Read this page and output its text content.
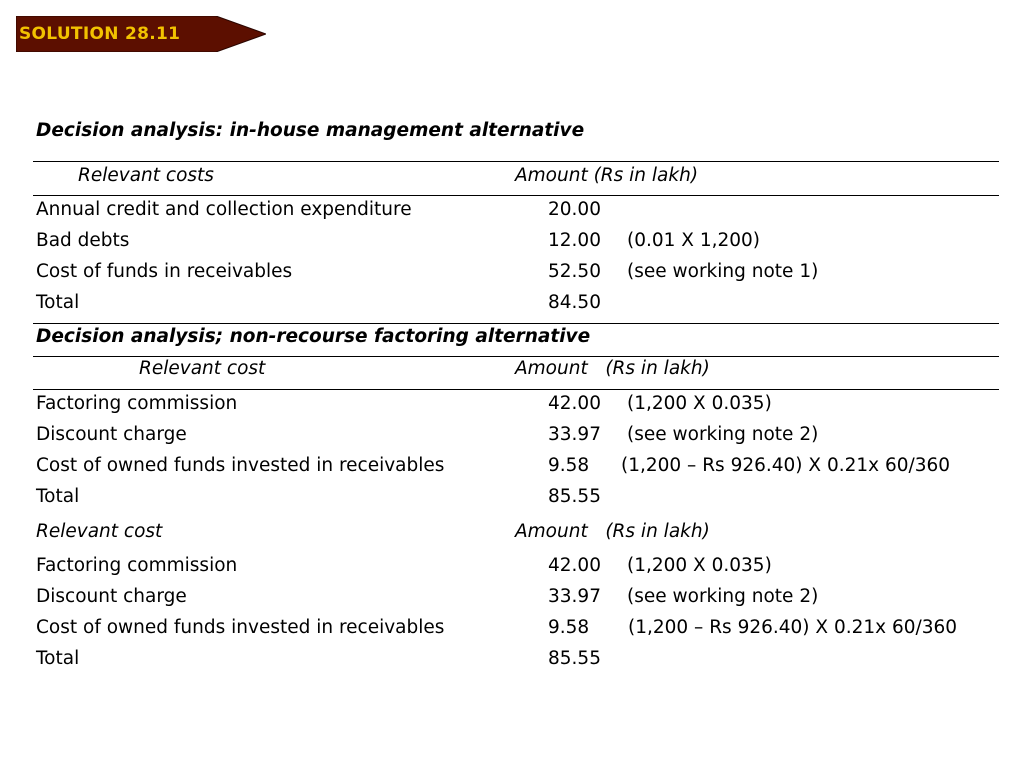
SOLUTION 28.11
Decision analysis: in-house management alternative
Relevant costs	Amount (Rs in lakh)
Annual credit and collection expenditure	20.00
Bad debts	12.00 (0.01 X 1,200)
Cost of funds in receivables	52.50 (see working note 1)
Total	84.50
Decision analysis; non-recourse factoring alternative
Relevant cost	Amount   (Rs in lakh)
Factoring commission	42.00 (1,200 X 0.035)
Discount charge	33.97 (see working note 2)
Cost of owned funds invested in receivables	9.58 (1,200 – Rs 926.40) X 0.21x 60/360
Total	85.55
Relevant cost	Amount   (Rs in lakh)
Factoring commission	42.00 (1,200 X 0.035)
Discount charge	33.97 (see working note 2)
Cost of owned funds invested in receivables	9.58 (1,200 – Rs 926.40) X 0.21x 60/360
Total	85.55
